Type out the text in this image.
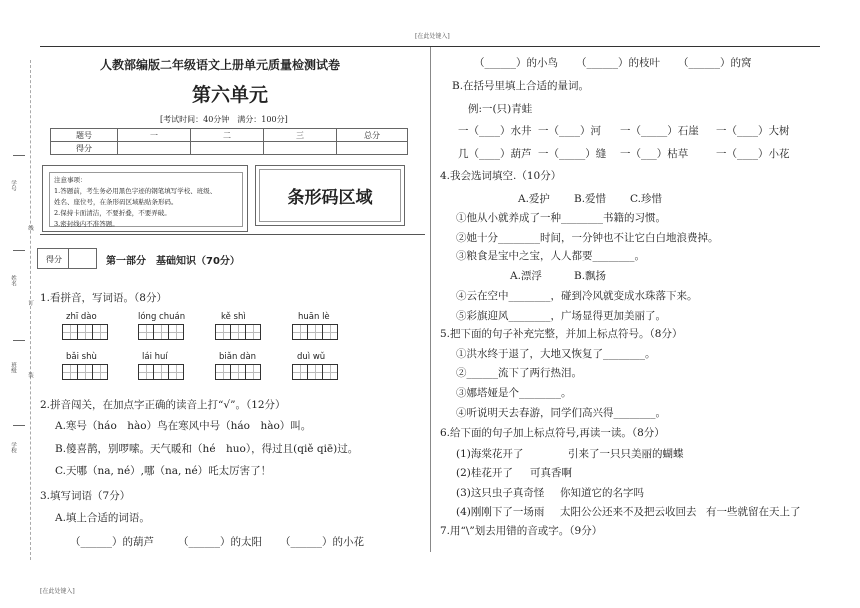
[在此处键入]
[在此处键入]
学号
线
姓名
订
班级
装
学校
人教部编版二年级语文上册单元质量检测试卷
第六单元
[考试时间：40分钟　满分：100分]
题号	一	二	三	总分
得分				
注意事项：
1.答题前，考生务必用黑色字迹的钢笔填写学校、班级、
姓名、座位号，在条形码区域粘贴条形码。
2.保持卡面清洁，不要折叠，不要弄破。
3.密封线内不准答题。
条形码区域
得分	第一部分　基础知识（70分）
1.看拼音，写词语。（8分）
zhī dào	lóng chuán	kě shì	huān lè
bǎi shù	lái huí	biǎn dàn	duì wǔ
2.拼音闯关，在加点字正确的读音上打“√”。（12分）
A.寒号（háo　hào）鸟在寒风中号（háo　hào）叫。
B.傻喜鹊，别啰嗦。天气暖和（hé　huo），得过且(qiě qiē)过。
C.天哪（na, né）,哪（na, né）吒太厉害了！
3.填写词语（7分）
A.填上合适的词语。
（______）的葫芦 （______）的太阳 （______）的小花
（______）的小鸟 （______）的枝叶 （______）的窝
B.在括号里填上合适的量词。
例:一(只)青蛙
一（____）水井 一（____）河 一（_____）石崖 一（____）大树
几（____）葫芦 一（_____）缝 一（___）枯草	一（____）小花
4.我会选词填空.（10分）
A.爱护 B.爱惜 C.珍惜
①他从小就养成了一种________书籍的习惯。
②她十分________时间，一分钟也不让它白白地浪费掉。
③粮食是宝中之宝，人人都要________。
A.漂浮	B.飘扬
④云在空中________，碰到冷风就变成水珠落下来。
⑤彩旗迎风________，广场显得更加美丽了。
5.把下面的句子补充完整，并加上标点符号。（8分）
①洪水终于退了，大地又恢复了________。
②______流下了两行热泪。
③娜塔娅是个________。
④听说明天去春游，同学们高兴得________。
6.给下面的句子加上标点符号,再读一读。（8分）
(1)海棠花开了	引来了一只只美丽的蝴蝶
(2)桂花开了 可真香啊
(3)这只虫子真奇怪 你知道它的名字吗
(4)刚刚下了一场雨 太阳公公还来不及把云收回去 有一些就留在天上了
7.用“\”划去用错的音或字。（9分）
